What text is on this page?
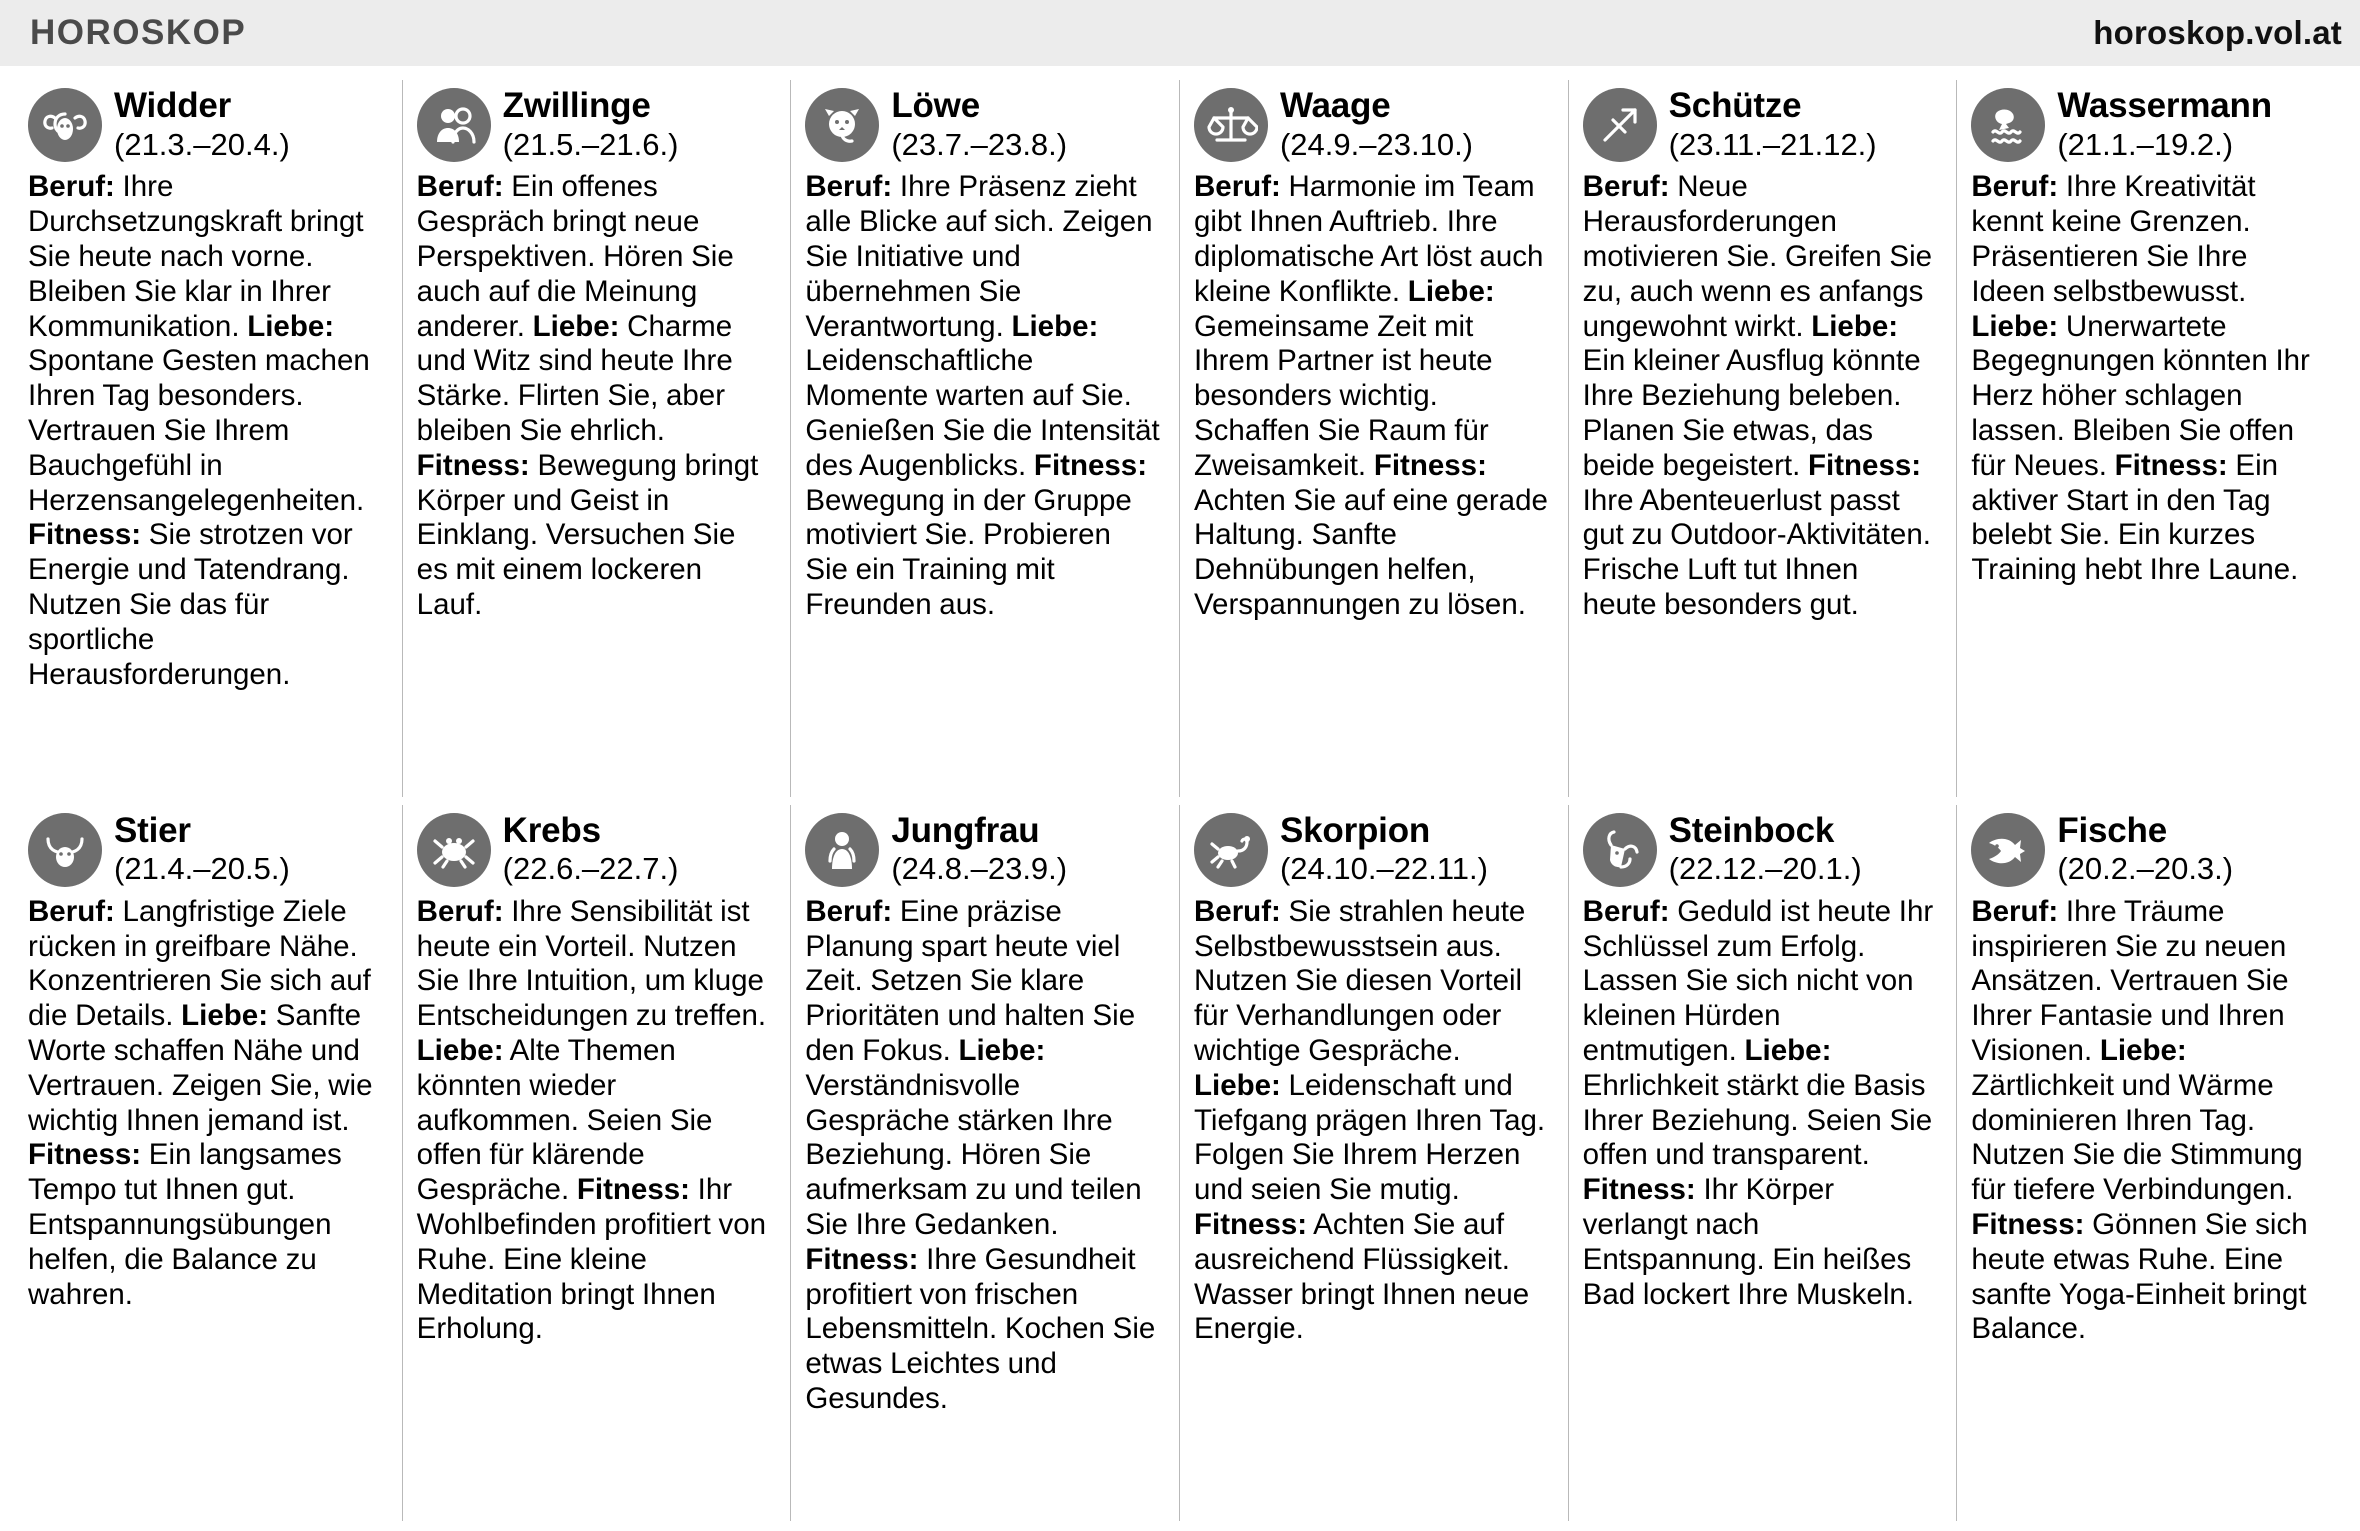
HOROSKOP	horoskop.vol.at
Widder
(21.3.–20.4.)
Beruf: Ihre Durchsetzungskraft bringt Sie heute nach vorne. Bleiben Sie klar in Ihrer Kommunikation. Liebe: Spontane Gesten machen Ihren Tag besonders. Vertrauen Sie Ihrem Bauchgefühl in Herzensangelegenheiten. Fitness: Sie strotzen vor Energie und Tatendrang. Nutzen Sie das für sportliche Herausforderungen.
Zwillinge
(21.5.–21.6.)
Beruf: Ein offenes Gespräch bringt neue Perspektiven. Hören Sie auch auf die Meinung anderer. Liebe: Charme und Witz sind heute Ihre Stärke. Flirten Sie, aber bleiben Sie ehrlich. Fitness: Bewegung bringt Körper und Geist in Einklang. Versuchen Sie es mit einem lockeren Lauf.
Löwe
(23.7.–23.8.)
Beruf: Ihre Präsenz zieht alle Blicke auf sich. Zeigen Sie Initiative und übernehmen Sie Verantwortung. Liebe: Leidenschaftliche Momente warten auf Sie. Genießen Sie die Intensität des Augenblicks. Fitness: Bewegung in der Gruppe motiviert Sie. Probieren Sie ein Training mit Freunden aus.
Waage
(24.9.–23.10.)
Beruf: Harmonie im Team gibt Ihnen Auftrieb. Ihre diplomatische Art löst auch kleine Konflikte. Liebe: Gemeinsame Zeit mit Ihrem Partner ist heute besonders wichtig. Schaffen Sie Raum für Zweisamkeit. Fitness: Achten Sie auf eine gerade Haltung. Sanfte Dehnübungen helfen, Verspannungen zu lösen.
Schütze
(23.11.–21.12.)
Beruf: Neue Herausforderungen motivieren Sie. Greifen Sie zu, auch wenn es anfangs ungewohnt wirkt. Liebe: Ein kleiner Ausflug könnte Ihre Beziehung beleben. Planen Sie etwas, das beide begeistert. Fitness: Ihre Abenteuerlust passt gut zu Outdoor-Aktivitäten. Frische Luft tut Ihnen heute besonders gut.
Wassermann
(21.1.–19.2.)
Beruf: Ihre Kreativität kennt keine Grenzen. Präsentieren Sie Ihre Ideen selbstbewusst. Liebe: Unerwartete Begegnungen könnten Ihr Herz höher schlagen lassen. Bleiben Sie offen für Neues. Fitness: Ein aktiver Start in den Tag belebt Sie. Ein kurzes Training hebt Ihre Laune.
Stier
(21.4.–20.5.)
Beruf: Langfristige Ziele rücken in greifbare Nähe. Konzentrieren Sie sich auf die Details. Liebe: Sanfte Worte schaffen Nähe und Vertrauen. Zeigen Sie, wie wichtig Ihnen jemand ist. Fitness: Ein langsames Tempo tut Ihnen gut. Entspannungsübungen helfen, die Balance zu wahren.
Krebs
(22.6.–22.7.)
Beruf: Ihre Sensibilität ist heute ein Vorteil. Nutzen Sie Ihre Intuition, um kluge Entscheidungen zu treffen. Liebe: Alte Themen könnten wieder aufkommen. Seien Sie offen für klärende Gespräche. Fitness: Ihr Wohlbefinden profitiert von Ruhe. Eine kleine Meditation bringt Ihnen Erholung.
Jungfrau
(24.8.–23.9.)
Beruf: Eine präzise Planung spart heute viel Zeit. Setzen Sie klare Prioritäten und halten Sie den Fokus. Liebe: Verständnisvolle Gespräche stärken Ihre Beziehung. Hören Sie aufmerksam zu und teilen Sie Ihre Gedanken. Fitness: Ihre Gesundheit profitiert von frischen Lebensmitteln. Kochen Sie etwas Leichtes und Gesundes.
Skorpion
(24.10.–22.11.)
Beruf: Sie strahlen heute Selbstbewusstsein aus. Nutzen Sie diesen Vorteil für Verhandlungen oder wichtige Gespräche. Liebe: Leidenschaft und Tiefgang prägen Ihren Tag. Folgen Sie Ihrem Herzen und seien Sie mutig. Fitness: Achten Sie auf ausreichend Flüssigkeit. Wasser bringt Ihnen neue Energie.
Steinbock
(22.12.–20.1.)
Beruf: Geduld ist heute Ihr Schlüssel zum Erfolg. Lassen Sie sich nicht von kleinen Hürden entmutigen. Liebe: Ehrlichkeit stärkt die Basis Ihrer Beziehung. Seien Sie offen und transparent. Fitness: Ihr Körper verlangt nach Entspannung. Ein heißes Bad lockert Ihre Muskeln.
Fische
(20.2.–20.3.)
Beruf: Ihre Träume inspirieren Sie zu neuen Ansätzen. Vertrauen Sie Ihrer Fantasie und Ihren Visionen. Liebe: Zärtlichkeit und Wärme dominieren Ihren Tag. Nutzen Sie die Stimmung für tiefere Verbindungen. Fitness: Gönnen Sie sich heute etwas Ruhe. Eine sanfte Yoga-Einheit bringt Balance.
